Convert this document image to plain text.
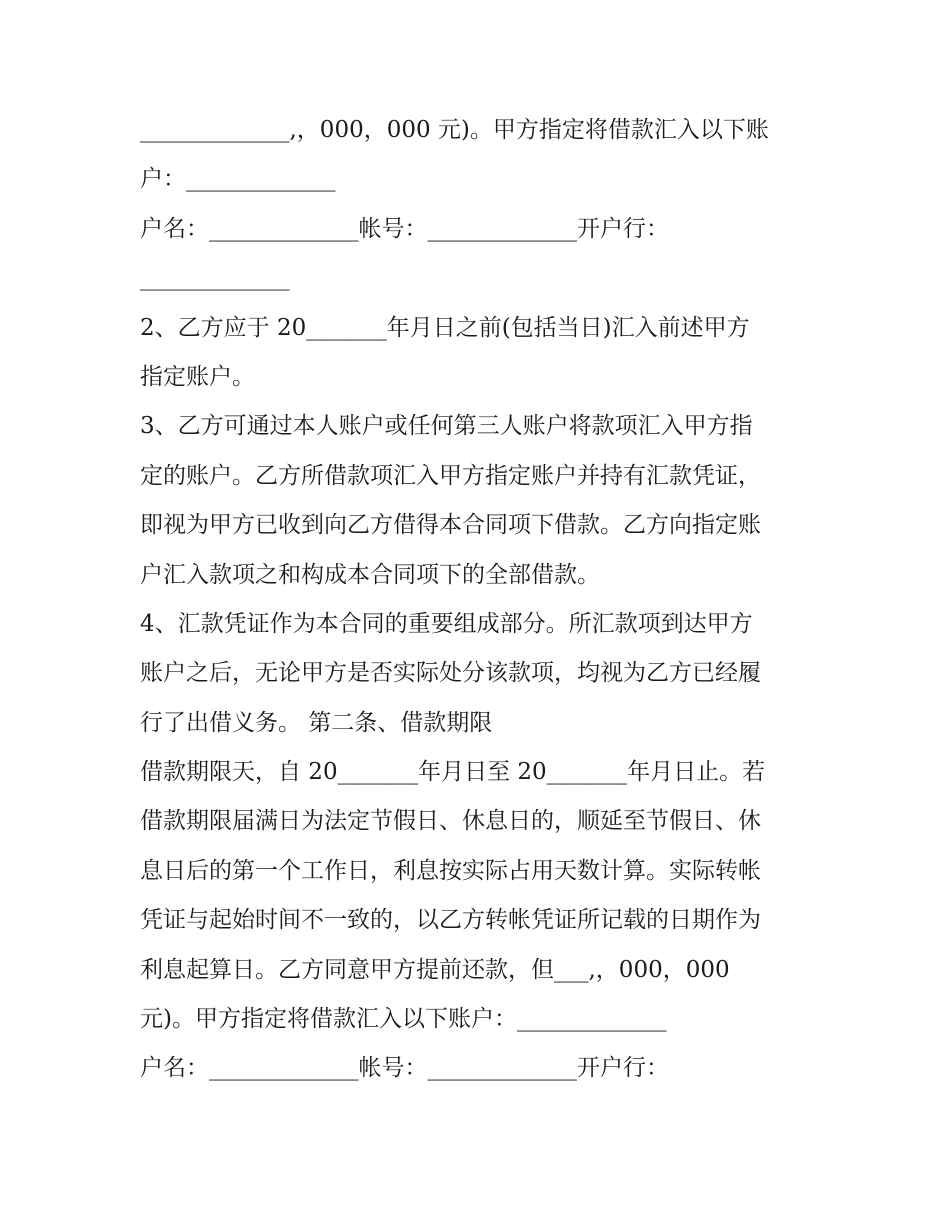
_____________,，000，000 元)。甲方指定将借款汇入以下账
户：_____________
户名：_____________帐号：_____________开户行：
_____________
2、乙方应于 20_______年月日之前(包括当日)汇入前述甲方
指定账户。
3、乙方可通过本人账户或任何第三人账户将款项汇入甲方指
定的账户。乙方所借款项汇入甲方指定账户并持有汇款凭证，
即视为甲方已收到向乙方借得本合同项下借款。乙方向指定账
户汇入款项之和构成本合同项下的全部借款。
4、汇款凭证作为本合同的重要组成部分。所汇款项到达甲方
账户之后，无论甲方是否实际处分该款项，均视为乙方已经履
行了出借义务。 第二条、借款期限
借款期限天，自 20_______年月日至 20_______年月日止。若
借款期限届满日为法定节假日、休息日的，顺延至节假日、休
息日后的第一个工作日，利息按实际占用天数计算。实际转帐
凭证与起始时间不一致的，以乙方转帐凭证所记载的日期作为
利息起算日。乙方同意甲方提前还款，但___,，000，000
元)。甲方指定将借款汇入以下账户：_____________
户名：_____________帐号：_____________开户行：
